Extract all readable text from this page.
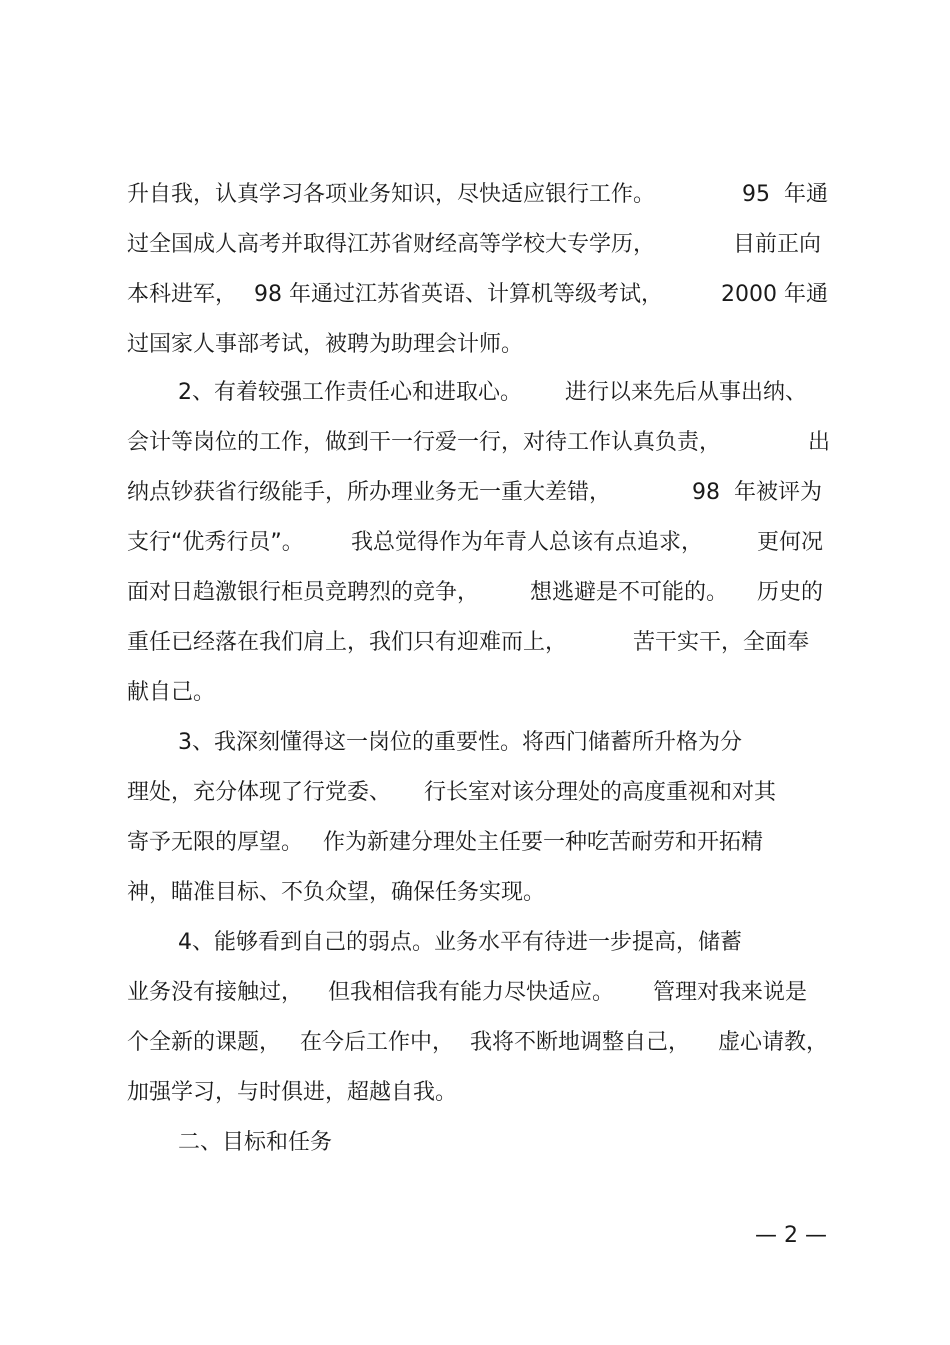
升自我，认真学习各项业务知识，尽快适应银行工作。

	95  年通

过全国成人高考并取得江苏省财经高等学校大专学历，

	目前正向

本科进军，

98 年通过江苏省英语、计算机等级考试，

	2000 年通

过国家人事部考试，被聘为助理会计师。

2、有着较强工作责任心和进取心。

进行以来先后从事出纳、

会计等岗位的工作，做到干一行爱一行，对待工作认真负责，

	出

纳点钞获省行级能手，所办理业务无一重大差错，

	98  年被评为

支行“优秀行员”。

我总觉得作为年青人总该有点追求，

更何况

面对日趋激银行柜员竞聘烈的竞争，

想逃避是不可能的。

历史的

重任已经落在我们肩上，我们只有迎难而上，

	苦干实干，全面奉

献自己。

3、我深刻懂得这一岗位的重要性。将西门储蓄所升格为分

理处，充分体现了行党委、

行长室对该分理处的高度重视和对其

寄予无限的厚望。

作为新建分理处主任要一种吃苦耐劳和开拓精

神，瞄准目标、不负众望，确保任务实现。

4、能够看到自己的弱点。业务水平有待进一步提高，储蓄

业务没有接触过，

但我相信我有能力尽快适应。

管理对我来说是

个全新的课题，

在今后工作中，

我将不断地调整自己，

虚心请教，

加强学习，与时俱进，超越自我。

二、目标和任务

— 2 —
